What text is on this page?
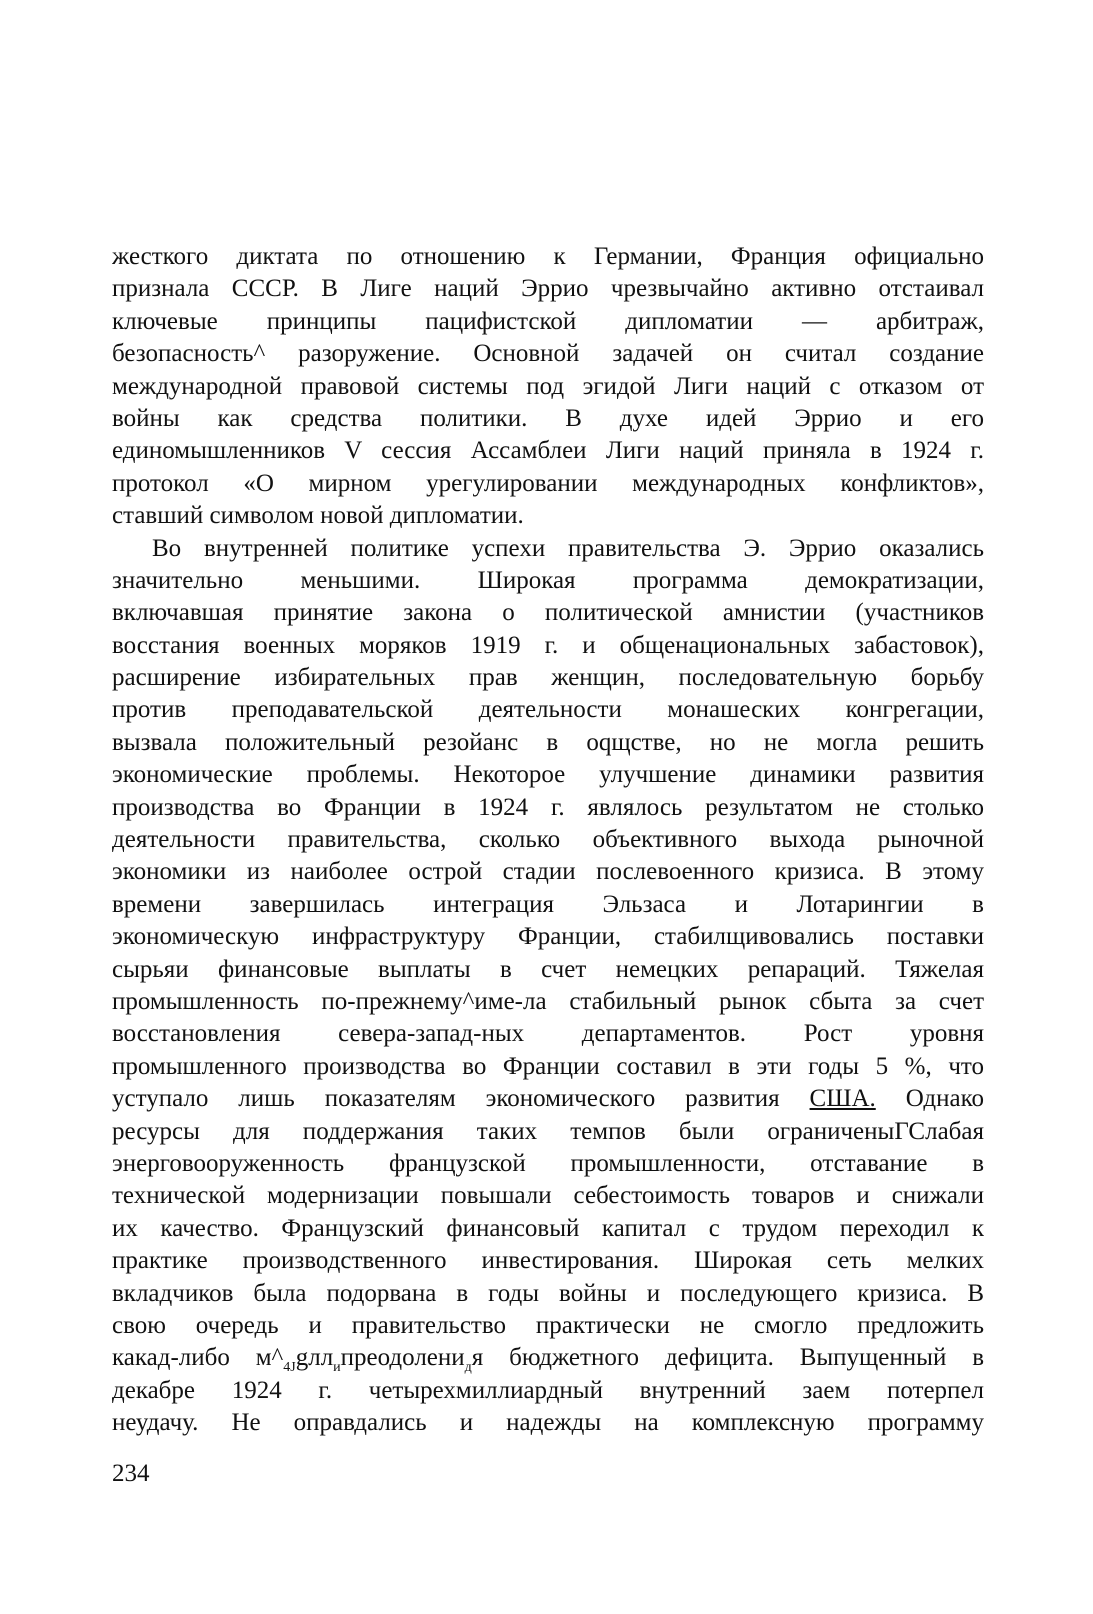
жесткого диктата по отношению к Германии, Франция официально
признала СССР. В Лиге наций Эррио чрезвычайно активно отстаивал
ключевые принципы пацифистской дипломатии — арбитраж,
безопасность^ разоружение. Основной задачей он считал создание
международной правовой системы под эгидой Лиги наций с отказом от
войны как средства политики. В духе идей Эррио и его
единомышленников V сессия Ассамблеи Лиги наций приняла в 1924 г.
протокол «О мирном урегулировании международных конфликтов»,
ставший символом новой дипломатии.
Во внутренней политике успехи правительства Э. Эррио оказались
значительно меньшими. Широкая программа демократизации,
включавшая принятие закона о политической амнистии (участников
восстания военных моряков 1919 г. и общенациональных забастовок),
расширение избирательных прав женщин, последовательную борьбу
против преподавательской деятельности монашеских конгрегации,
вызвала положительный резойанс в оqщстве, но не могла решить
экономические проблемы. Некоторое улучшение динамики развития
производства во Франции в 1924 г. являлось результатом не столько
деятельности правительства, сколько объективного выхода рыночной
экономики из наиболее острой стадии послевоенного кризиса. В этому
времени завершилась интеграция Эльзаса и Лотарингии в
экономическую инфраструктуру Франции, стабилщивовались поставки
сырьяи финансовые выплаты в счет немецких репараций. Тяжелая
промышленность по-прежнему^име-ла стабильный рынок сбыта за счет
восстановления севера-запад-ных департаментов. Рост уровня
промышленного производства во Франции составил в эти годы 5 %, что
уступало лишь показателям экономического развития США. Однако
ресурсы для поддержания таких темпов были ограниченыГСлабая
энерговооруженность французской промышленности, отставание в
технической модернизации повышали себестоимость товаров и снижали
их качество. Французский финансовый капитал с трудом переходил к
практике производственного инвестирования. Широкая сеть мелких
вкладчиков была подорвана в годы войны и последующего кризиса. В
свою очередь и правительство практически не смогло предложить
какад-либо $м\^{}_{4J}gлл_ипреодолени_дя$ бюджетного дефицита. Выпущенный в
декабре 1924 г. четырехмиллиардный внутренний заем потерпел
неудачу. Не оправдались и надежды на комплексную программу
234
